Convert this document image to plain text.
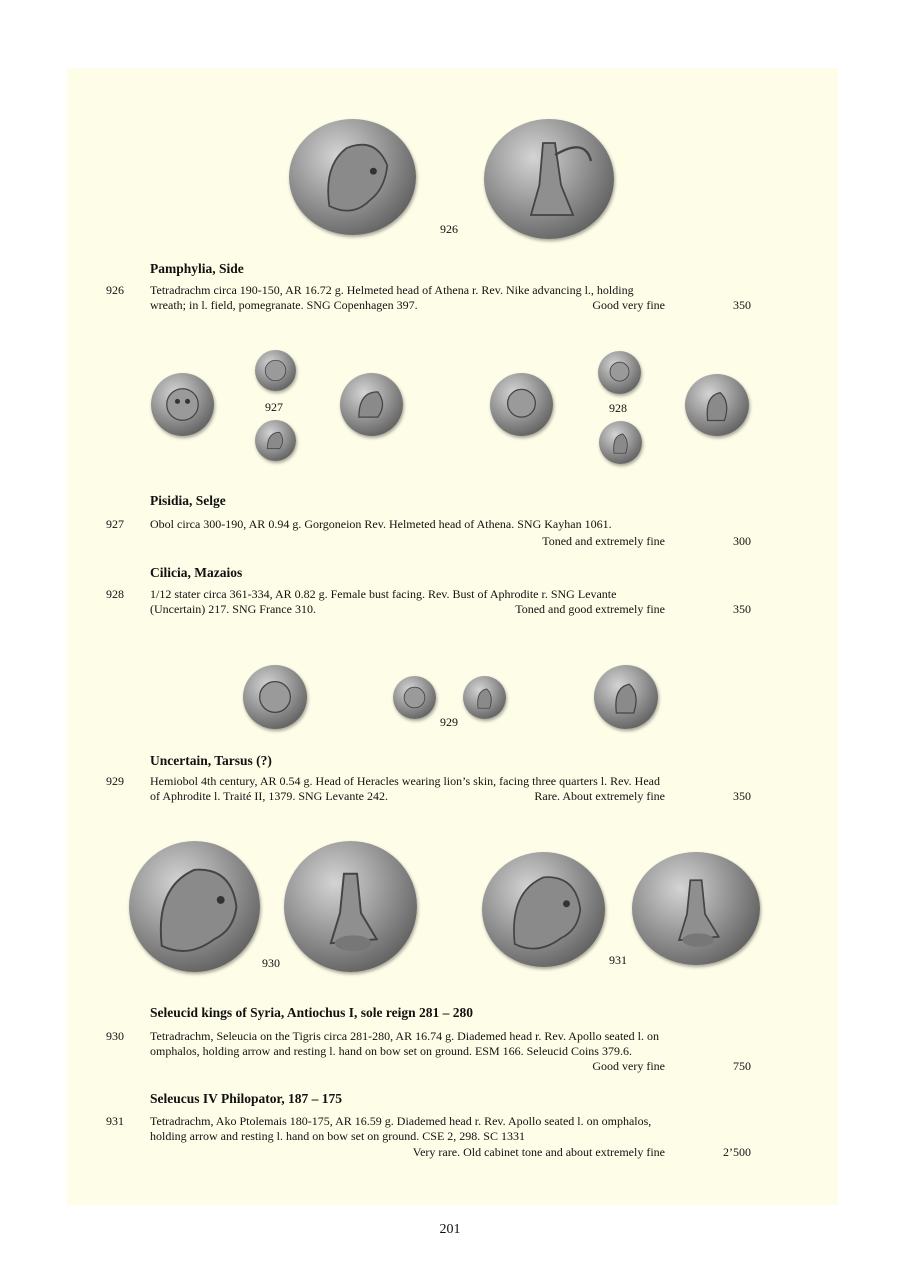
926
Pamphylia, Side
926 Tetradrachm circa 190-150, AR 16.72 g. Helmeted head of Athena r. Rev. Nike advancing l., holding
wreath; in l. field, pomegranate. SNG Copenhagen 397.	Good very fine	350
927	928
Pisidia, Selge
927 Obol circa 300-190, AR 0.94 g. Gorgoneion Rev. Helmeted head of Athena. SNG Kayhan 1061.
Toned and extremely fine	300
Cilicia, Mazaios
928 1/12 stater circa 361-334, AR 0.82 g. Female bust facing. Rev. Bust of Aphrodite r. SNG Levante
(Uncertain) 217. SNG France 310.	Toned and good extremely fine	350
929
Uncertain, Tarsus (?)
929 Hemiobol 4th century, AR 0.54 g. Head of Heracles wearing lion’s skin, facing three quarters l. Rev. Head
of Aphrodite l. Traité II, 1379. SNG Levante 242.	Rare. About extremely fine	350
930	931
Seleucid kings of Syria, Antiochus I, sole reign 281 – 280
930 Tetradrachm, Seleucia on the Tigris circa 281-280, AR 16.74 g. Diademed head r. Rev. Apollo seated l. on
omphalos, holding arrow and resting l. hand on bow set on ground. ESM 166. Seleucid Coins 379.6.
Good very fine	750
Seleucus IV Philopator, 187 – 175
931 Tetradrachm, Ako Ptolemais 180-175, AR 16.59 g. Diademed head r. Rev. Apollo seated l. on omphalos,
holding arrow and resting l. hand on bow set on ground. CSE 2, 298. SC 1331
Very rare. Old cabinet tone and about extremely fine	2’500
201
